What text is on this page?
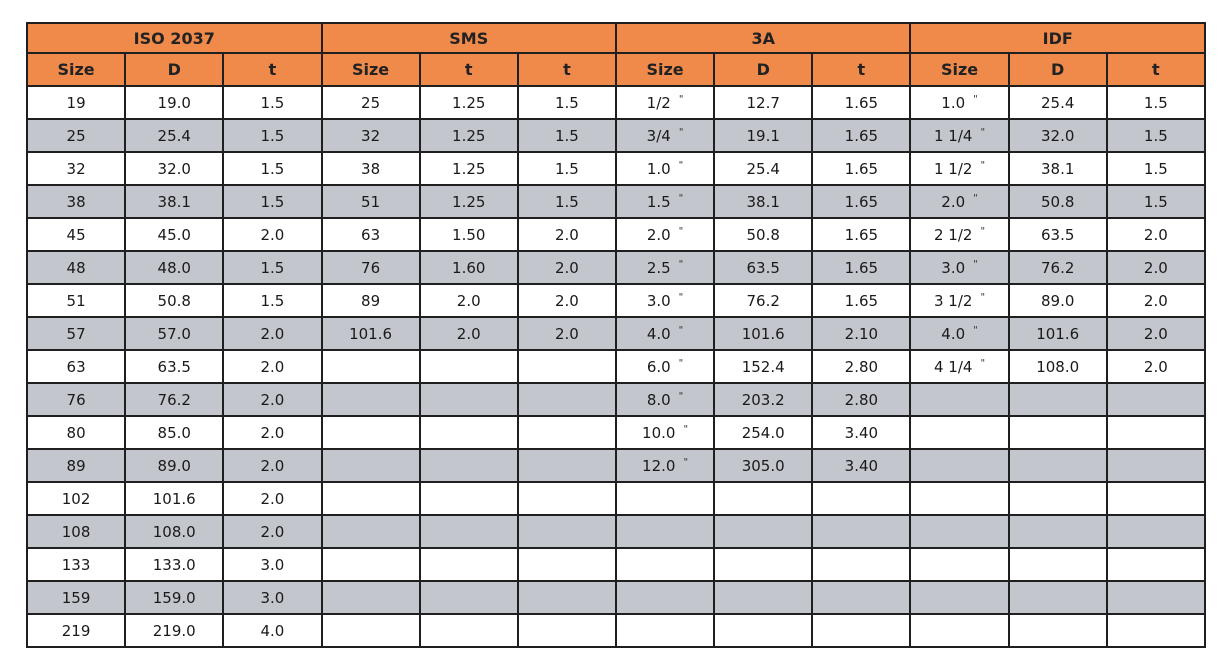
ISO 2037			SMS			3A			IDF		
Size	D	t	Size	t	t	Size	D	t	Size	D	t
19	19.0	1.5	25	1.25	1.5	1/2 "	12.7	1.65	1.0 "	25.4	1.5
25	25.4	1.5	32	1.25	1.5	3/4 "	19.1	1.65	1 1/4 "	32.0	1.5
32	32.0	1.5	38	1.25	1.5	1.0 "	25.4	1.65	1 1/2 "	38.1	1.5
38	38.1	1.5	51	1.25	1.5	1.5 "	38.1	1.65	2.0 "	50.8	1.5
45	45.0	2.0	63	1.50	2.0	2.0 "	50.8	1.65	2 1/2 "	63.5	2.0
48	48.0	1.5	76	1.60	2.0	2.5 "	63.5	1.65	3.0 "	76.2	2.0
51	50.8	1.5	89	2.0	2.0	3.0 "	76.2	1.65	3 1/2 "	89.0	2.0
57	57.0	2.0	101.6	2.0	2.0	4.0 "	101.6	2.10	4.0 "	101.6	2.0
63	63.5	2.0				6.0 "	152.4	2.80	4 1/4 "	108.0	2.0
76	76.2	2.0				8.0 "	203.2	2.80			
80	85.0	2.0				10.0 "	254.0	3.40			
89	89.0	2.0				12.0 "	305.0	3.40			
102	101.6	2.0									
108	108.0	2.0									
133	133.0	3.0									
159	159.0	3.0									
219	219.0	4.0									
